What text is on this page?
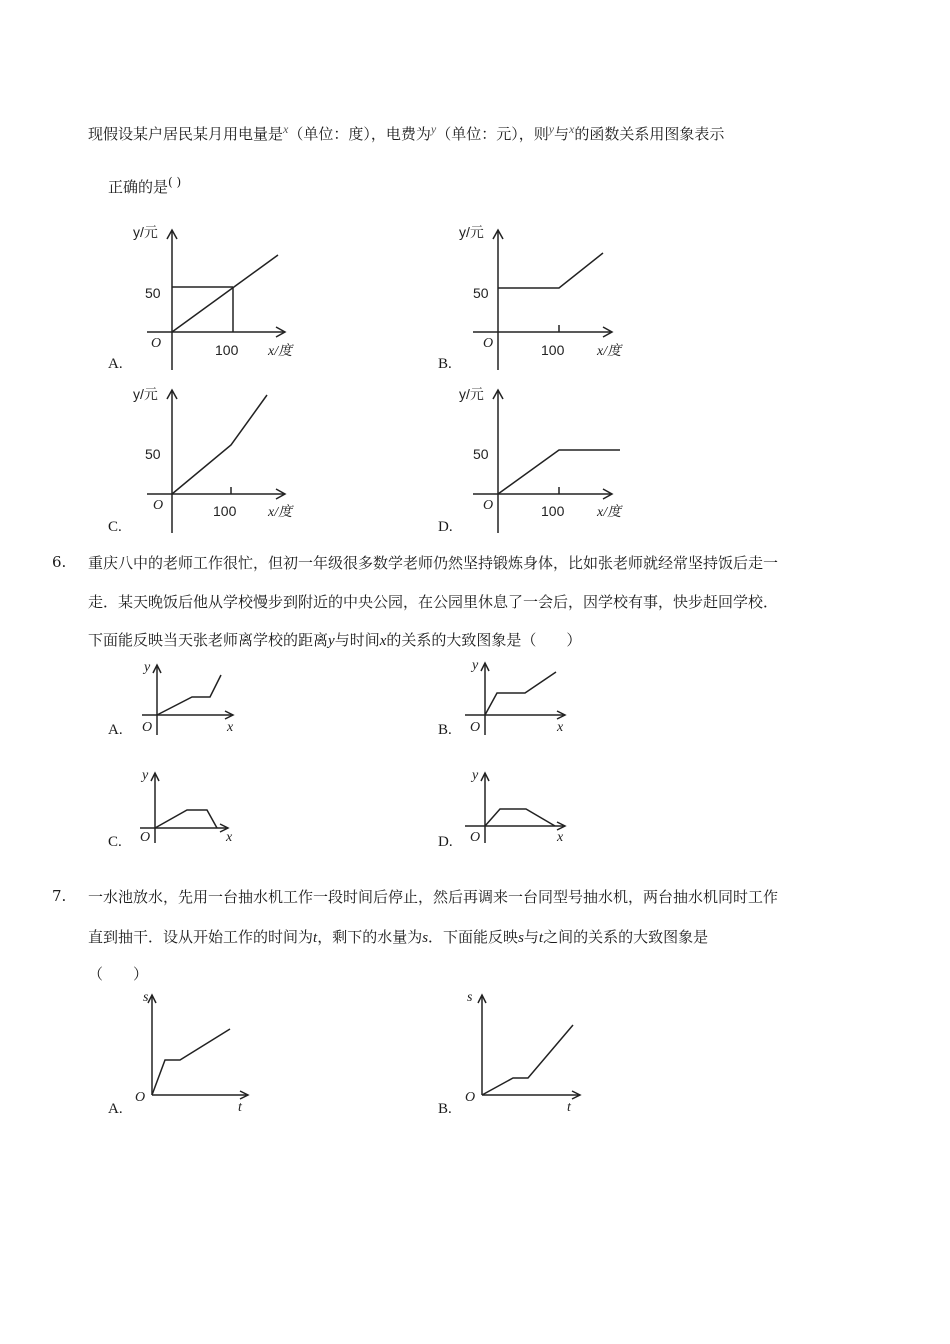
现假设某户居民某月用电量是$^x$（单位：度），电费为$^y$（单位：元），则$^y$与$^x$的函数关系用图象表示
正确的是( )
y/元
50
100 x/度
O
A.
y/元
50
100 x/度
O
B.
y/元
50
100 x/度
O
C.
y/元
50
100 x/度
O
D.
6. 重庆八中的老师工作很忙，但初一年级很多数学老师仍然坚持锻炼身体，比如张老师就经常坚持饭后走一
走．某天晚饭后他从学校慢步到附近的中央公园，在公园里休息了一会后，因学校有事，快步赶回学校．
下面能反映当天张老师离学校的距离y与时间x的关系的大致图象是（　　）
y
x
O
A.
y
x
O
B.
y
x
O
C.
y
x
O
D.
7. 一水池放水，先用一台抽水机工作一段时间后停止，然后再调来一台同型号抽水机，两台抽水机同时工作
直到抽干．设从开始工作的时间为t，剩下的水量为s．下面能反映s与t之间的关系的大致图象是
（　　）
s
t
O
A.
s
t
O
B.
